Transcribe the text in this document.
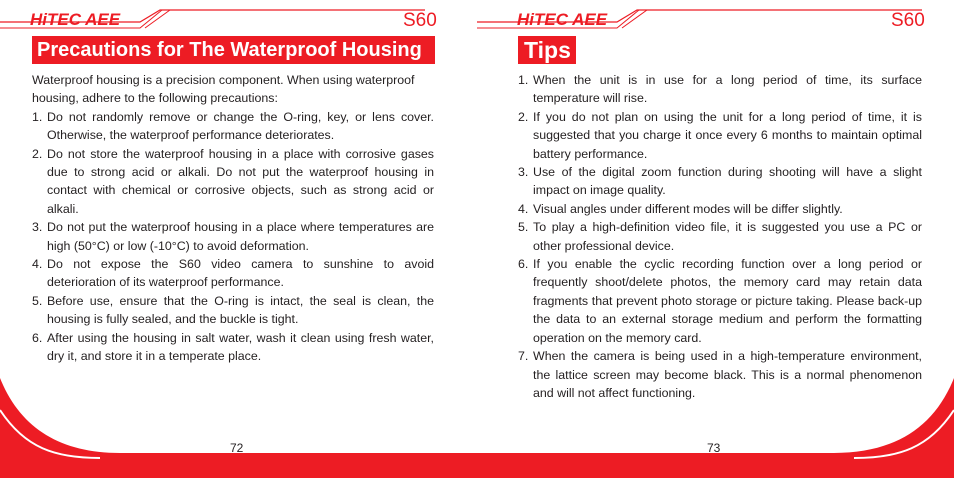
HiTEC AEE	S60
Precautions for The Waterproof Housing

Waterproof housing is a precision component. When using waterproof housing, adhere to the following precautions:

1. Do not randomly remove or change the O-ring, key, or lens cover. Otherwise, the waterproof performance deteriorates.
2. Do not store the waterproof housing in a place with corrosive gases due to strong acid or alkali. Do not put the waterproof housing in contact with chemical or corrosive objects, such as strong acid or alkali.
3. Do not put the waterproof housing in a place where temperatures are high (50°C) or low (-10°C) to avoid deformation.
4. Do not expose the S60 video camera to sunshine to avoid deterioration of its waterproof performance.
5. Before use, ensure that the O-ring is intact, the seal is clean, the housing is fully sealed, and the buckle is tight.
6. After using the housing in salt water, wash it clean using fresh water, dry it, and store it in a temperate place.
72
HiTEC AEE	S60
Tips
1. When the unit is in use for a long period of time, its surface temperature will rise.
2. If you do not plan on using the unit for a long period of time, it is suggested that you charge it once every 6 months to maintain optimal battery performance.
3. Use of the digital zoom function during shooting will have a slight impact on image quality.
4. Visual angles under different modes will be differ slightly.
5. To play a high-definition video file, it is suggested you use a PC or other professional device.
6. If you enable the cyclic recording function over a long period or frequently shoot/delete photos, the memory card may retain data fragments that prevent photo storage or picture taking. Please back-up the data to an external storage medium and perform the formatting operation on the memory card.
7. When the camera is being used in a high-temperature environment, the lattice screen may become black. This is a normal phenomenon and will not affect functioning.
73
